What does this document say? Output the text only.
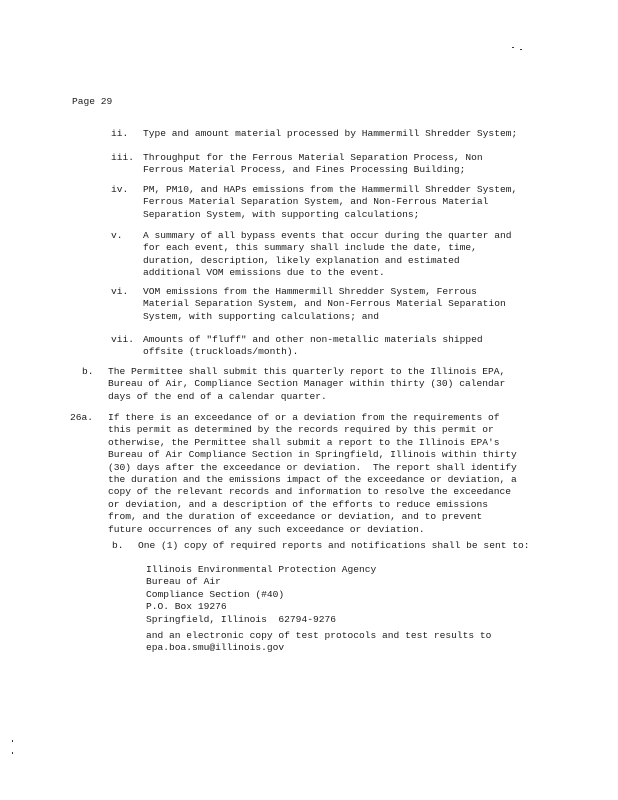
Page 29
ii. Type and amount material processed by Hammermill Shredder System;
iii. Throughput for the Ferrous Material Separation Process, Non
Ferrous Material Process, and Fines Processing Building;
iv. PM, PM10, and HAPs emissions from the Hammermill Shredder System,
Ferrous Material Separation System, and Non-Ferrous Material
Separation System, with supporting calculations;
v. A summary of all bypass events that occur during the quarter and
for each event, this summary shall include the date, time,
duration, description, likely explanation and estimated
additional VOM emissions due to the event.
vi. VOM emissions from the Hammermill Shredder System, Ferrous
Material Separation System, and Non-Ferrous Material Separation
System, with supporting calculations; and
vii. Amounts of "fluff" and other non-metallic materials shipped
offsite (truckloads/month).
b. The Permittee shall submit this quarterly report to the Illinois EPA,
Bureau of Air, Compliance Section Manager within thirty (30) calendar
days of the end of a calendar quarter.
26a. If there is an exceedance of or a deviation from the requirements of
this permit as determined by the records required by this permit or
otherwise, the Permittee shall submit a report to the Illinois EPA's
Bureau of Air Compliance Section in Springfield, Illinois within thirty
(30) days after the exceedance or deviation.  The report shall identify
the duration and the emissions impact of the exceedance or deviation, a
copy of the relevant records and information to resolve the exceedance
or deviation, and a description of the efforts to reduce emissions
from, and the duration of exceedance or deviation, and to prevent
future occurrences of any such exceedance or deviation.
b. One (1) copy of required reports and notifications shall be sent to:
Illinois Environmental Protection Agency
Bureau of Air
Compliance Section (#40)
P.O. Box 19276
Springfield, Illinois  62794-9276
and an electronic copy of test protocols and test results to
epa.boa.smu@illinois.gov
